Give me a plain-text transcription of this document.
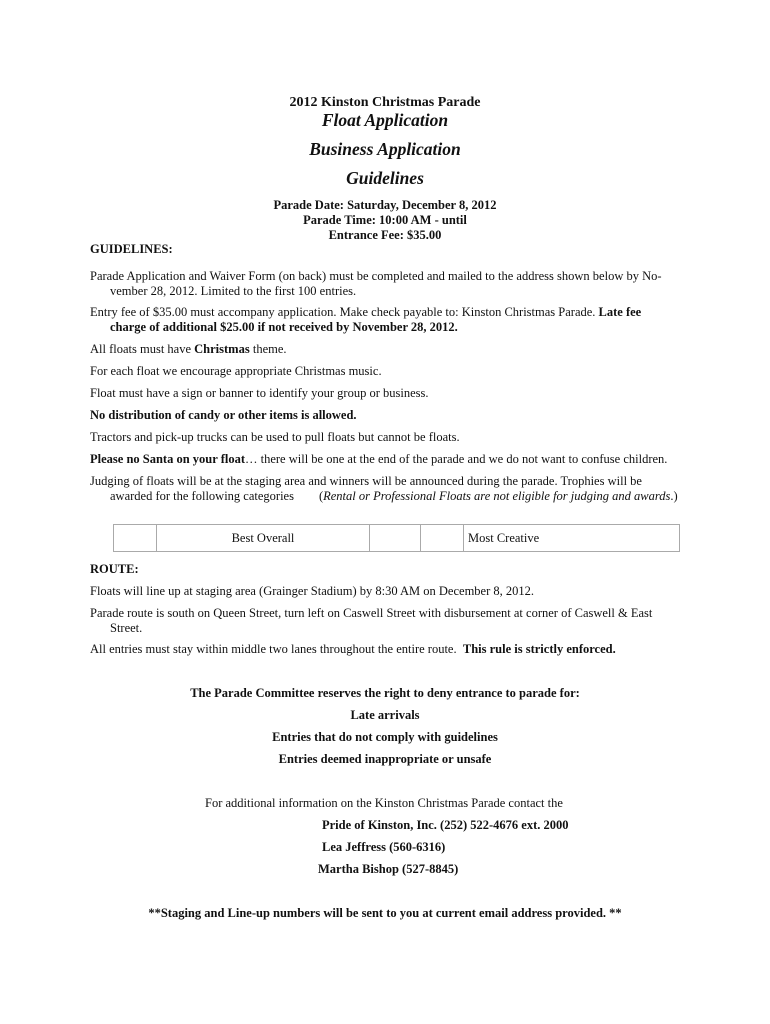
2012 Kinston Christmas Parade
Float Application
Business Application
Guidelines
Parade Date: Saturday, December 8, 2012
Parade Time: 10:00 AM - until
Entrance Fee: $35.00
GUIDELINES:
Parade Application and Waiver Form (on back) must be completed and mailed to the address shown below by No-vember 28, 2012. Limited to the first 100 entries.
Entry fee of $35.00 must accompany application. Make check payable to: Kinston Christmas Parade. Late fee charge of additional $25.00 if not received by November 28, 2012.
All floats must have Christmas theme.
For each float we encourage appropriate Christmas music.
Float must have a sign or banner to identify your group or business.
No distribution of candy or other items is allowed.
Tractors and pick-up trucks can be used to pull floats but cannot be floats.
Please no Santa on your float… there will be one at the end of the parade and we do not want to confuse children.
Judging of floats will be at the staging area and winners will be announced during the parade. Trophies will be awarded for the following categories        (Rental or Professional Floats are not eligible for judging and awards.)
	Best Overall			Most Creative
ROUTE:
Floats will line up at staging area (Grainger Stadium) by 8:30 AM on December 8, 2012.
Parade route is south on Queen Street, turn left on Caswell Street with disbursement at corner of Caswell & East Street.
All entries must stay within middle two lanes throughout the entire route.  This rule is strictly enforced.
The Parade Committee reserves the right to deny entrance to parade for:
Late arrivals
Entries that do not comply with guidelines
Entries deemed inappropriate or unsafe
For additional information on the Kinston Christmas Parade contact the
Pride of Kinston, Inc. (252) 522-4676 ext. 2000
Lea Jeffress (560-6316)
Martha Bishop (527-8845)
**Staging and Line-up numbers will be sent to you at current email address provided. **
